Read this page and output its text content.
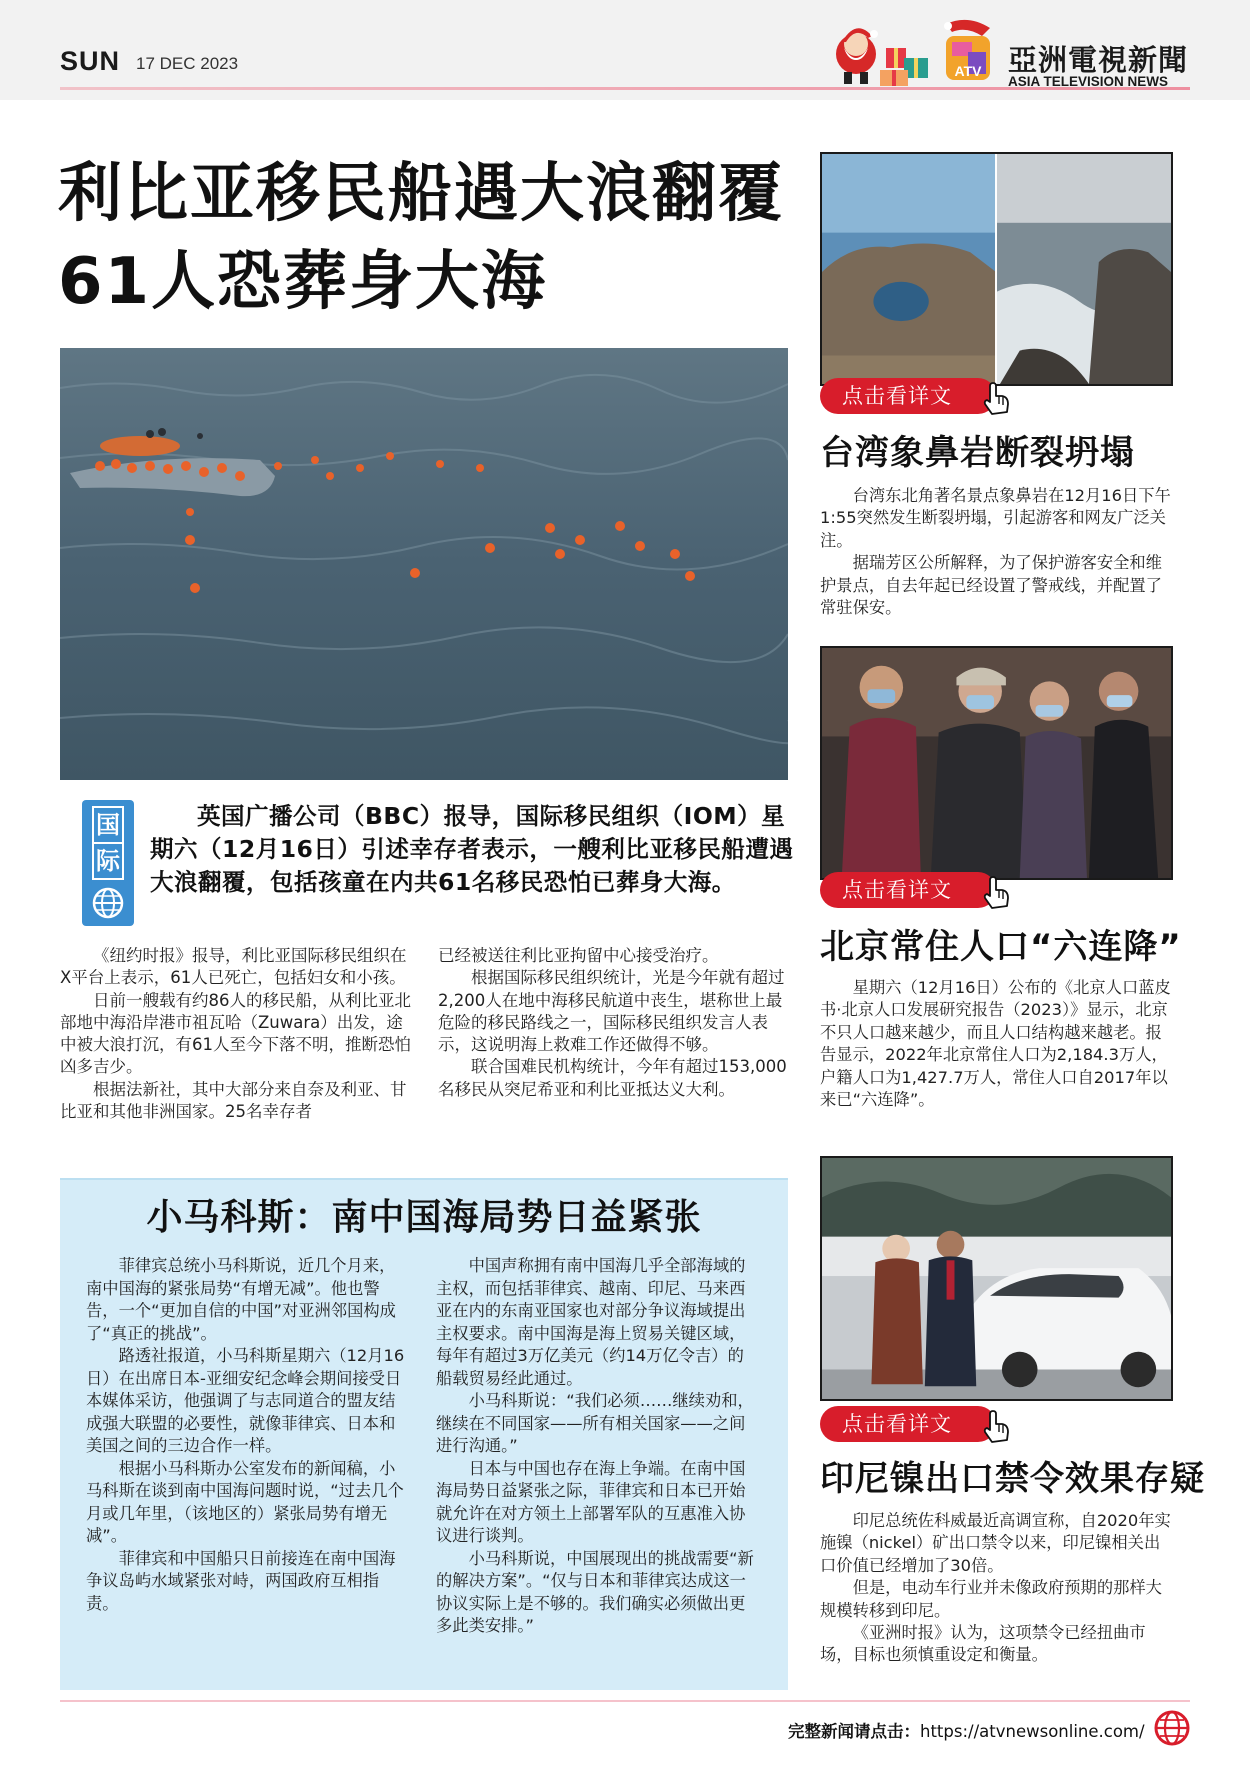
SUN 17 DEC 2023	ATV 亞洲電視新聞
ASIA TELEVISION NEWS
利比亚移民船遇大浪翻覆
61人恐葬身大海
国
际
英国广播公司（BBC）报导，国际移民组织（IOM）星期六（12月16日）引述幸存者表示，一艘利比亚移民船遭遇大浪翻覆，包括孩童在内共61名移民恐怕已葬身大海。

《纽约时报》报导，利比亚国际移民组织在X平台上表示，61人已死亡，包括妇女和小孩。

日前一艘载有约86人的移民船，从利比亚北部地中海沿岸港市祖瓦哈（Zuwara）出发，途中被大浪打沉，有61人至今下落不明，推断恐怕凶多吉少。

根据法新社，其中大部分来自奈及利亚、甘比亚和其他非洲国家。25名幸存者

已经被送往利比亚拘留中心接受治疗。

根据国际移民组织统计，光是今年就有超过2,200人在地中海移民航道中丧生，堪称世上最危险的移民路线之一，国际移民组织发言人表示，这说明海上救难工作还做得不够。

联合国难民机构统计，今年有超过153,000名移民从突尼希亚和利比亚抵达义大利。

小马科斯：南中国海局势日益紧张

菲律宾总统小马科斯说，近几个月来，南中国海的紧张局势“有增无减”。他也警告，一个“更加自信的中国”对亚洲邻国构成了“真正的挑战”。

路透社报道，小马科斯星期六（12月16日）在出席日本-亚细安纪念峰会期间接受日本媒体采访，他强调了与志同道合的盟友结成强大联盟的必要性，就像菲律宾、日本和美国之间的三边合作一样。

根据小马科斯办公室发布的新闻稿，小马科斯在谈到南中国海问题时说，“过去几个月或几年里，（该地区的）紧张局势有增无减”。

菲律宾和中国船只日前接连在南中国海争议岛屿水域紧张对峙，两国政府互相指责。

中国声称拥有南中国海几乎全部海域的主权，而包括菲律宾、越南、印尼、马来西亚在内的东南亚国家也对部分争议海域提出主权要求。南中国海是海上贸易关键区域，每年有超过3万亿美元（约14万亿令吉）的船载贸易经此通过。

小马科斯说：“我们必须……继续劝和，继续在不同国家——所有相关国家——之间进行沟通。”

日本与中国也存在海上争端。在南中国海局势日益紧张之际，菲律宾和日本已开始就允许在对方领土上部署军队的互惠准入协议进行谈判。

小马科斯说，中国展现出的挑战需要“新的解决方案”。“仅与日本和菲律宾达成这一协议实际上是不够的。我们确实必须做出更多此类安排。”

点击看详文
台湾象鼻岩断裂坍塌

台湾东北角著名景点象鼻岩在12月16日下午1:55突然发生断裂坍塌，引起游客和网友广泛关注。

据瑞芳区公所解释，为了保护游客安全和维护景点，自去年起已经设置了警戒线，并配置了常驻保安。

点击看详文
北京常住人口“六连降”

星期六（12月16日）公布的《北京人口蓝皮书·北京人口发展研究报告（2023）》显示，北京不只人口越来越少，而且人口结构越来越老。报告显示，2022年北京常住人口为2,184.3万人，户籍人口为1,427.7万人，常住人口自2017年以来已“六连降”。

点击看详文
印尼镍出口禁令效果存疑

印尼总统佐科威最近高调宣称，自2020年实施镍（nickel）矿出口禁令以来，印尼镍相关出口价值已经增加了30倍。

但是，电动车行业并未像政府预期的那样大规模转移到印尼。

《亚洲时报》认为，这项禁令已经扭曲市场，目标也须慎重设定和衡量。

完整新闻请点击：https://atvnewsonline.com/
